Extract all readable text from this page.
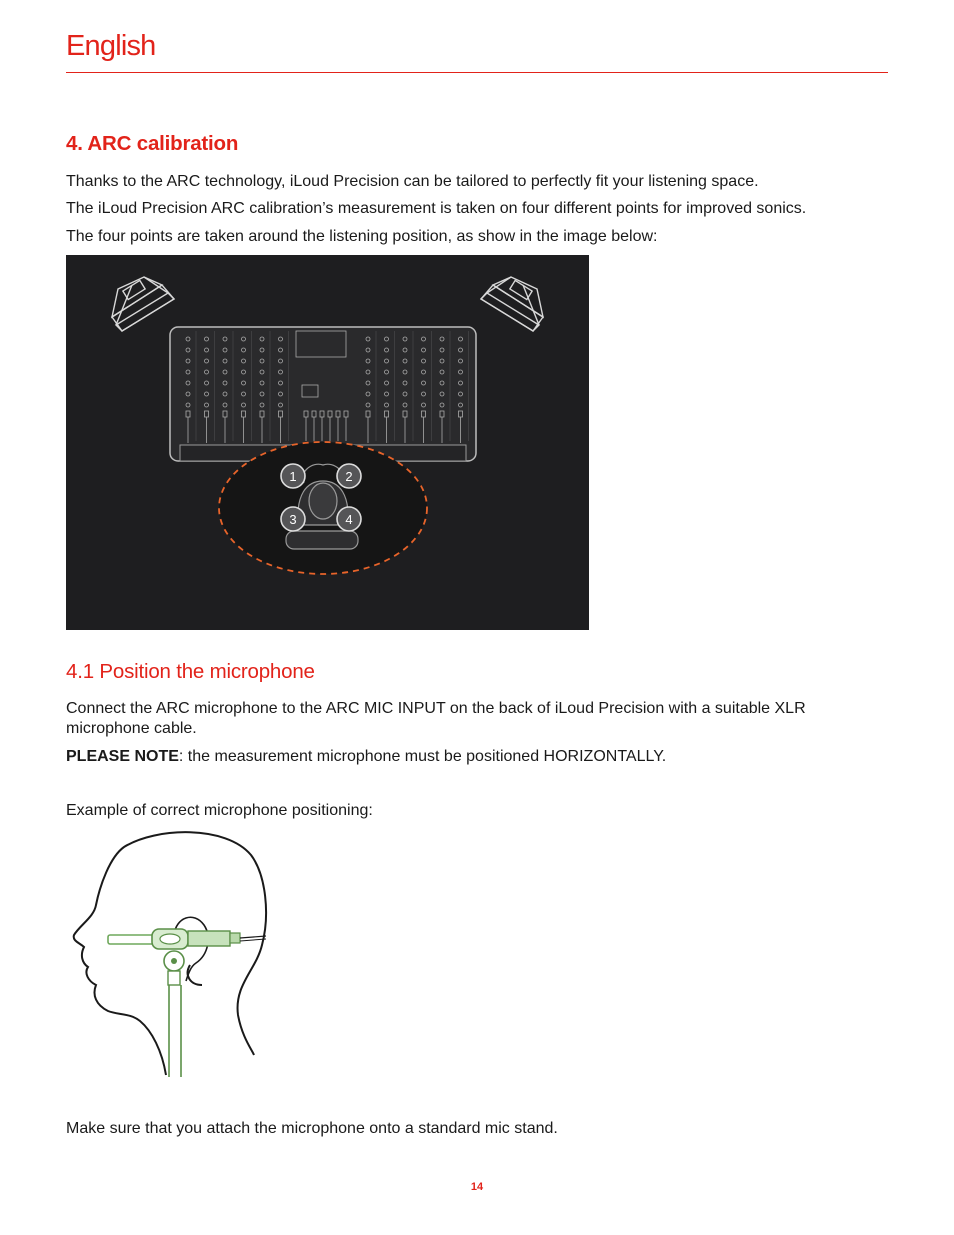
English
4. ARC calibration
Thanks to the ARC technology, iLoud Precision can be tailored to perfectly fit your listening space.
The iLoud Precision ARC calibration’s measurement is taken on four different points for improved sonics.
The four points are taken around the listening position, as show in the image below:
1	2
3	4
4.1 Position the microphone
Connect the ARC microphone to the ARC MIC INPUT on the back of iLoud Precision with a suitable XLR microphone cable.
PLEASE NOTE: the measurement microphone must be positioned HORIZONTALLY.
Example of correct microphone positioning:
Make sure that you attach the microphone onto a standard mic stand.
14
